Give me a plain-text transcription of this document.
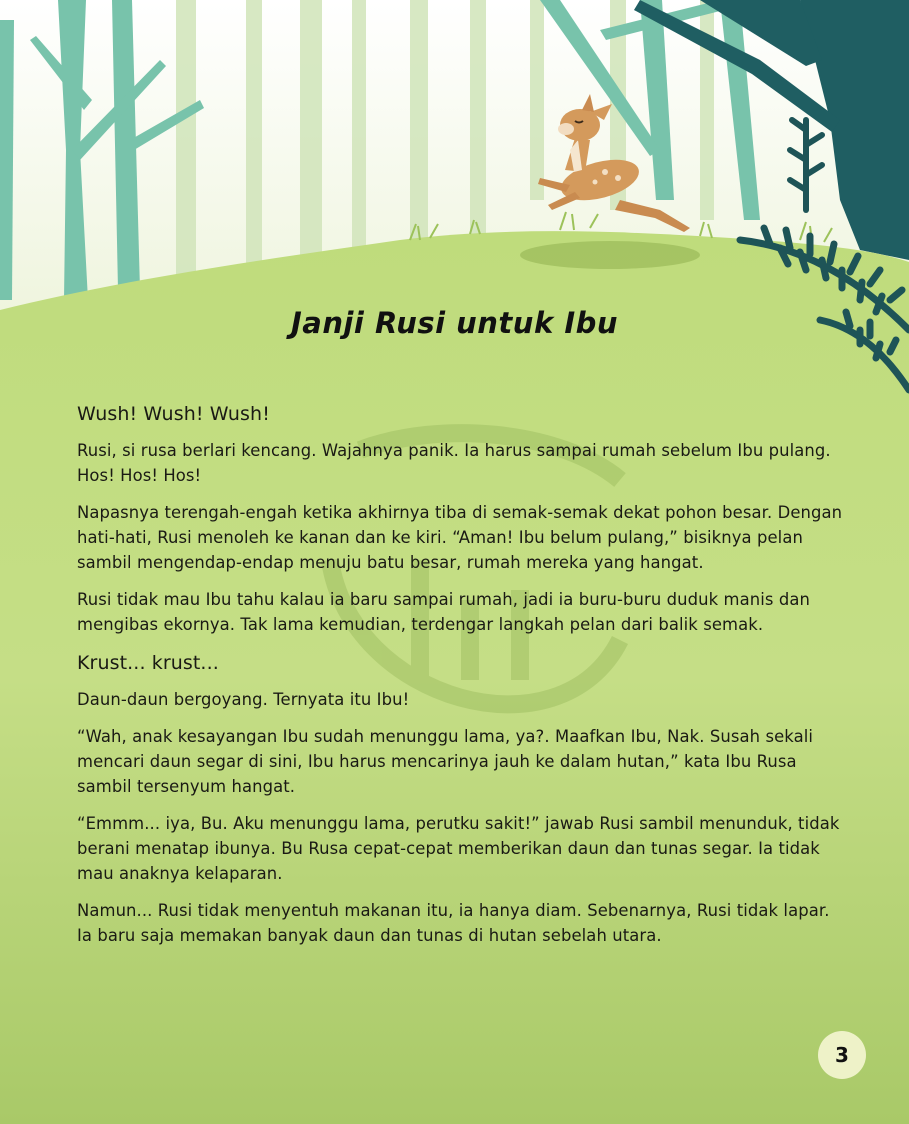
Janji Rusi untuk Ibu

Wush! Wush! Wush!

Rusi, si rusa berlari kencang. Wajahnya panik. Ia harus sampai rumah sebelum Ibu pulang. Hos! Hos! Hos!

Napasnya terengah-engah ketika akhirnya tiba di semak-semak dekat pohon besar. Dengan hati-hati, Rusi menoleh ke kanan dan ke kiri. “Aman! Ibu belum pulang,” bisiknya pelan sambil mengendap-endap menuju batu besar, rumah mereka yang hangat.

Rusi tidak mau Ibu tahu kalau ia baru sampai rumah, jadi ia buru-buru duduk manis dan mengibas ekornya. Tak lama kemudian, terdengar langkah pelan dari balik semak.

Krust... krust...

Daun-daun bergoyang. Ternyata itu Ibu!

“Wah, anak kesayangan Ibu sudah menunggu lama, ya?. Maafkan Ibu, Nak. Susah sekali mencari daun segar di sini, Ibu harus mencarinya jauh ke dalam hutan,” kata Ibu Rusa sambil tersenyum hangat.

“Emmm... iya, Bu. Aku menunggu lama, perutku sakit!” jawab Rusi sambil menunduk, tidak berani menatap ibunya. Bu Rusa cepat-cepat memberikan daun dan tunas segar. Ia tidak mau anaknya kelaparan.

Namun... Rusi tidak menyentuh makanan itu, ia hanya diam. Sebenarnya, Rusi tidak lapar. Ia baru saja memakan banyak daun dan tunas di hutan sebelah utara.

3
